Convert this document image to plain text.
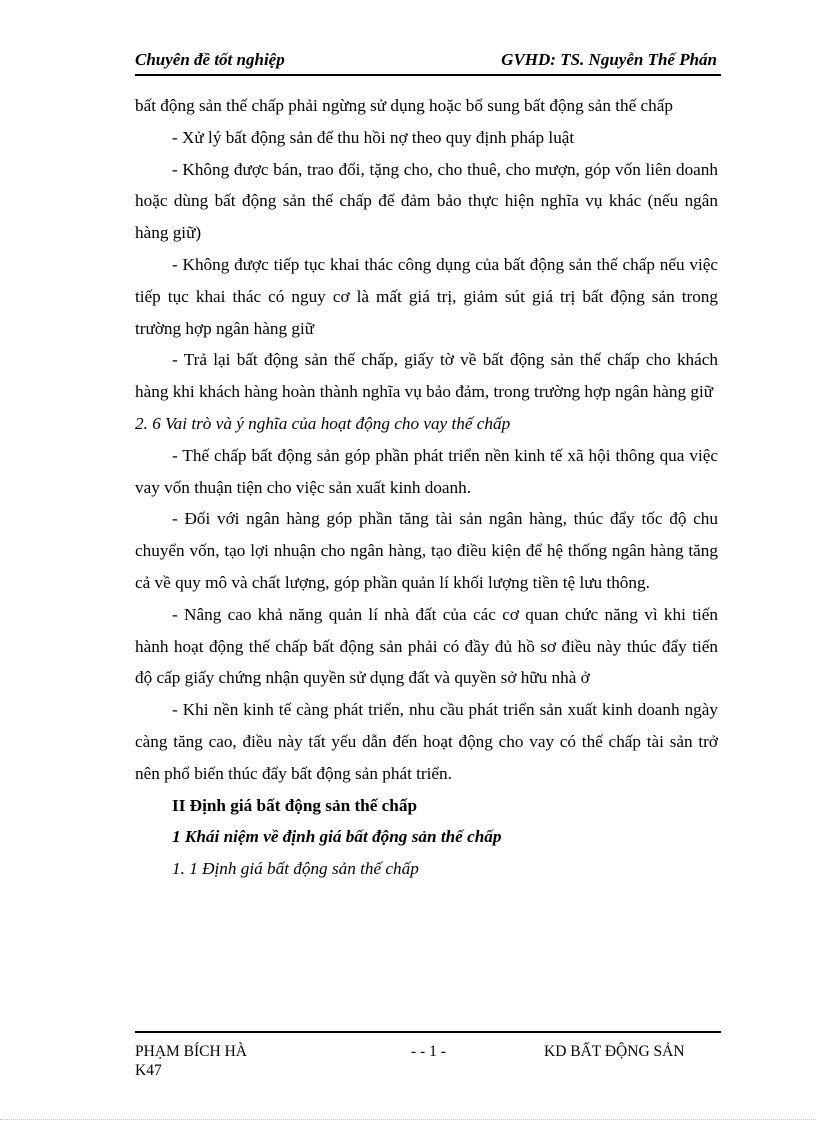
Chuyên đề tốt nghiệp	GVHD: TS. Nguyễn Thế Phán

bất động sản thế chấp phải ngừng sử dụng hoặc bổ sung bất động sản thế chấp

- Xử lý bất động sản để thu hồi nợ theo quy định pháp luật

- Không được bán, trao đổi, tặng cho, cho thuê, cho mượn, góp vốn liên doanh hoặc dùng bất động sản thế chấp để đảm bảo thực hiện nghĩa vụ khác (nếu ngân hàng giữ)

- Không được tiếp tục khai thác công dụng của bất động sản thế chấp nếu việc tiếp tục khai thác có nguy cơ là mất giá trị, giảm sút giá trị bất động sản trong trường hợp ngân hàng giữ

- Trả lại bất động sản thế chấp, giấy tờ về bất động sản thế chấp cho khách hàng khi khách hàng hoàn thành nghĩa vụ bảo đảm, trong trường hợp ngân hàng giữ

2. 6 Vai trò và ý nghĩa của hoạt động cho vay thế chấp

- Thế chấp bất động sản góp phần phát triển nền kinh tế xã hội thông qua việc vay vốn thuận tiện cho việc sản xuất kinh doanh.

- Đối với ngân hàng góp phần tăng tài sản ngân hàng, thúc đẩy tốc độ chu chuyển vốn, tạo lợi nhuận cho ngân hàng, tạo điều kiện để hệ thống ngân hàng tăng cả về quy mô và chất lượng, góp phần quản lí khối lượng tiền tệ lưu thông.

- Nâng cao khả năng quản lí nhà đất của các cơ quan chức năng vì khi tiến hành hoạt động thế chấp bất động sản phải có đầy đủ hồ sơ điều này thúc đẩy tiến độ cấp giấy chứng nhận quyền sử dụng đất và quyền sở hữu nhà ở

- Khi nền kinh tế càng phát triển, nhu cầu phát triển sản xuất kinh doanh ngày càng tăng cao, điều này tất yếu dẫn đến hoạt động cho vay có thế chấp tài sản trở nên phổ biến thúc đẩy bất động sản phát triển.

II Định giá bất động sản thế chấp

1 Khái niệm về định giá bất động sản thế chấp

1. 1 Định giá bất động sản thế chấp

PHẠM BÍCH HÀ	- - 1 -	KD BẤT ĐỘNG SẢN
K47
